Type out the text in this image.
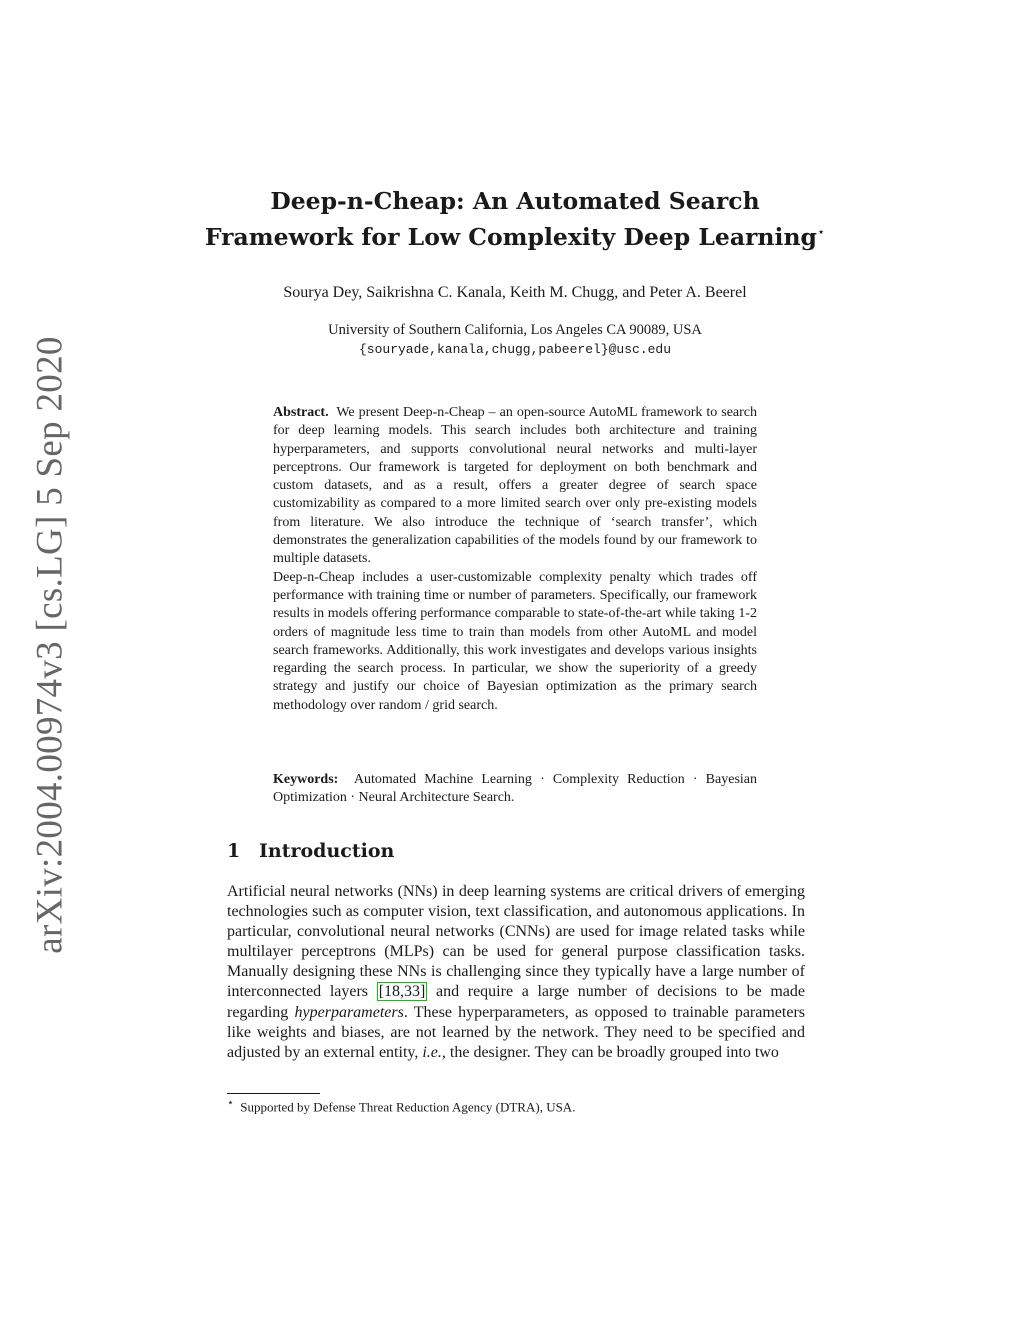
arXiv:2004.00974v3 [cs.LG] 5 Sep 2020
Deep-n-Cheap: An Automated Search
Framework for Low Complexity Deep Learning⋆
Sourya Dey, Saikrishna C. Kanala, Keith M. Chugg, and Peter A. Beerel
University of Southern California, Los Angeles CA 90089, USA
{souryade,kanala,chugg,pabeerel}@usc.edu

Abstract. We present Deep-n-Cheap – an open-source AutoML framework to search for deep learning models. This search includes both architecture and training hyperparameters, and supports convolutional neural networks and multi-layer perceptrons. Our framework is targeted for deployment on both benchmark and custom datasets, and as a result, offers a greater degree of search space customizability as compared to a more limited search over only pre-existing models from literature. We also introduce the technique of ‘search transfer’, which demonstrates the generalization capabilities of the models found by our framework to multiple datasets.

Deep-n-Cheap includes a user-customizable complexity penalty which trades off performance with training time or number of parameters. Specifically, our framework results in models offering performance comparable to state-of-the-art while taking 1-2 orders of magnitude less time to train than models from other AutoML and model search frameworks. Additionally, this work investigates and develops various insights regarding the search process. In particular, we show the superiority of a greedy strategy and justify our choice of Bayesian optimization as the primary search methodology over random / grid search.

Keywords: Automated Machine Learning · Complexity Reduction · Bayesian Optimization · Neural Architecture Search.
1 Introduction

Artificial neural networks (NNs) in deep learning systems are critical drivers of emerging technologies such as computer vision, text classification, and autonomous applications. In particular, convolutional neural networks (CNNs) are used for image related tasks while multilayer perceptrons (MLPs) can be used for general purpose classification tasks. Manually designing these NNs is challenging since they typically have a large number of interconnected layers [18,33] and require a large number of decisions to be made regarding hyperparameters. These hyperparameters, as opposed to trainable parameters like weights and biases, are not learned by the network. They need to be specified and adjusted by an external entity, i.e., the designer. They can be broadly grouped into two

⋆ Supported by Defense Threat Reduction Agency (DTRA), USA.
